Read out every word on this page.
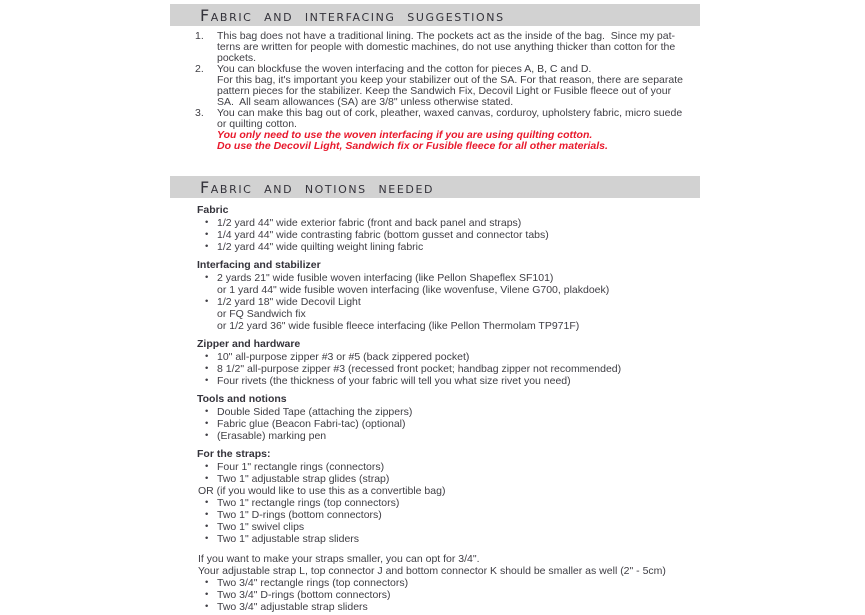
Fabric and interfacing suggestions
1.	This bag does not have a traditional lining. The pockets act as the inside of the bag.  Since my pat-
terns are written for people with domestic machines, do not use anything thicker than cotton for the
pockets.
2.	You can blockfuse the woven interfacing and the cotton for pieces A, B, C and D.
For this bag, it's important you keep your stabilizer out of the SA. For that reason, there are separate
pattern pieces for the stabilizer. Keep the Sandwich Fix, Decovil Light or Fusible fleece out of your
SA.  All seam allowances (SA) are 3/8" unless otherwise stated.
3.	You can make this bag out of cork, pleather, waxed canvas, corduroy, upholstery fabric, micro suede
or quilting cotton.
You only need to use the woven interfacing if you are using quilting cotton.
Do use the Decovil Light, Sandwich fix or Fusible fleece for all other materials.
Fabric and notions needed
Fabric
• 1/2 yard 44" wide exterior fabric (front and back panel and straps)
• 1/4 yard 44" wide contrasting fabric (bottom gusset and connector tabs)
• 1/2 yard 44" wide quilting weight lining fabric
Interfacing and stabilizer
• 2 yards 21" wide fusible woven interfacing (like Pellon Shapeflex SF101)
or 1 yard 44" wide fusible woven interfacing (like wovenfuse, Vilene G700, plakdoek)
• 1/2 yard 18" wide Decovil Light
or FQ Sandwich fix
or 1/2 yard 36" wide fusible fleece interfacing (like Pellon Thermolam TP971F)
Zipper and hardware
• 10" all-purpose zipper #3 or #5 (back zippered pocket)
• 8 1/2" all-purpose zipper #3 (recessed front pocket; handbag zipper not recommended)
• Four rivets (the thickness of your fabric will tell you what size rivet you need)
Tools and notions
• Double Sided Tape (attaching the zippers)
• Fabric glue (Beacon Fabri-tac) (optional)
• (Erasable) marking pen
For the straps:
• Four 1" rectangle rings (connectors)
• Two 1" adjustable strap glides (strap)
OR (if you would like to use this as a convertible bag)
• Two 1" rectangle rings (top connectors)
• Two 1" D-rings (bottom connectors)
• Two 1" swivel clips
• Two 1" adjustable strap sliders
If you want to make your straps smaller, you can opt for 3/4".
Your adjustable strap L, top connector J and bottom connector K should be smaller as well (2" - 5cm)
• Two 3/4" rectangle rings (top connectors)
• Two 3/4" D-rings (bottom connectors)
• Two 3/4" adjustable strap sliders
